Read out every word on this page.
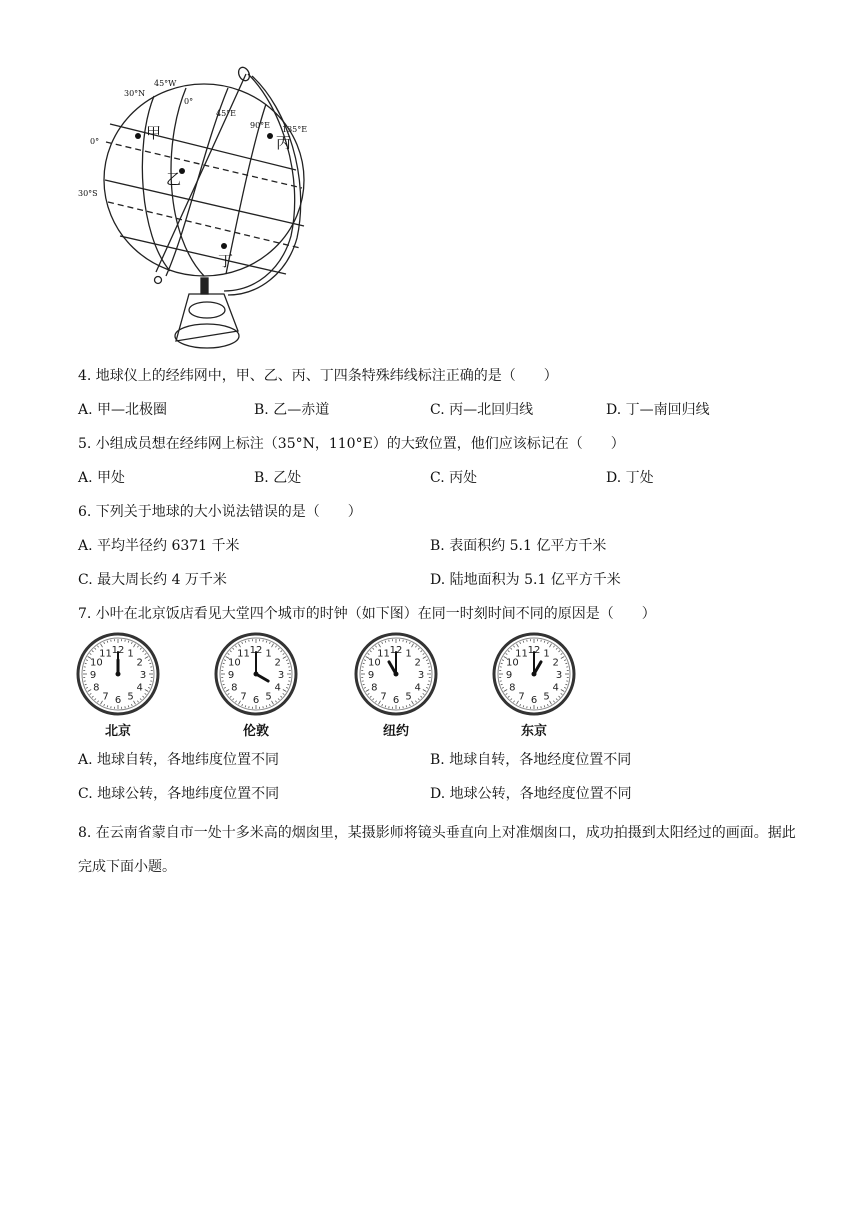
30°N
0°
30°S
45°W
0°
45°E
90°E 135°E
甲
乙
丙
丁
4. 地球仪上的经纬网中，甲、乙、丙、丁四条特殊纬线标注正确的是（　　）
A. 甲—北极圈	B. 乙—赤道	C. 丙—北回归线	D. 丁—南回归线
5. 小组成员想在经纬网上标注（35°N，110°E）的大致位置，他们应该标记在（　　）
A. 甲处	B. 乙处	C. 丙处	D. 丁处
6. 下列关于地球的大小说法错误的是（　　）
A. 平均半径约 6371 千米	B. 表面积约 5.1 亿平方千米
C. 最大周长约 4 万千米	D. 陆地面积为 5.1 亿平方千米
7. 小叶在北京饭店看见大堂四个城市的时钟（如下图）在同一时刻时间不同的原因是（　　）
12 1
2
3
4
5
6
7
8
9
10
11
北京
12 1
2
3
4
5
6
7
8
9
10
11
伦敦
12 1
2
3
4
5
6
7
8
9
10
11
纽约
12 1
2
3
4
5
6
7
8
9
10
11
东京
A. 地球自转，各地纬度位置不同	B. 地球自转，各地经度位置不同
C. 地球公转，各地纬度位置不同	D. 地球公转，各地经度位置不同
8. 在云南省蒙自市一处十多米高的烟囱里，某摄影师将镜头垂直向上对准烟囱口，成功拍摄到太阳经过的画面。据此完成下面小题。
